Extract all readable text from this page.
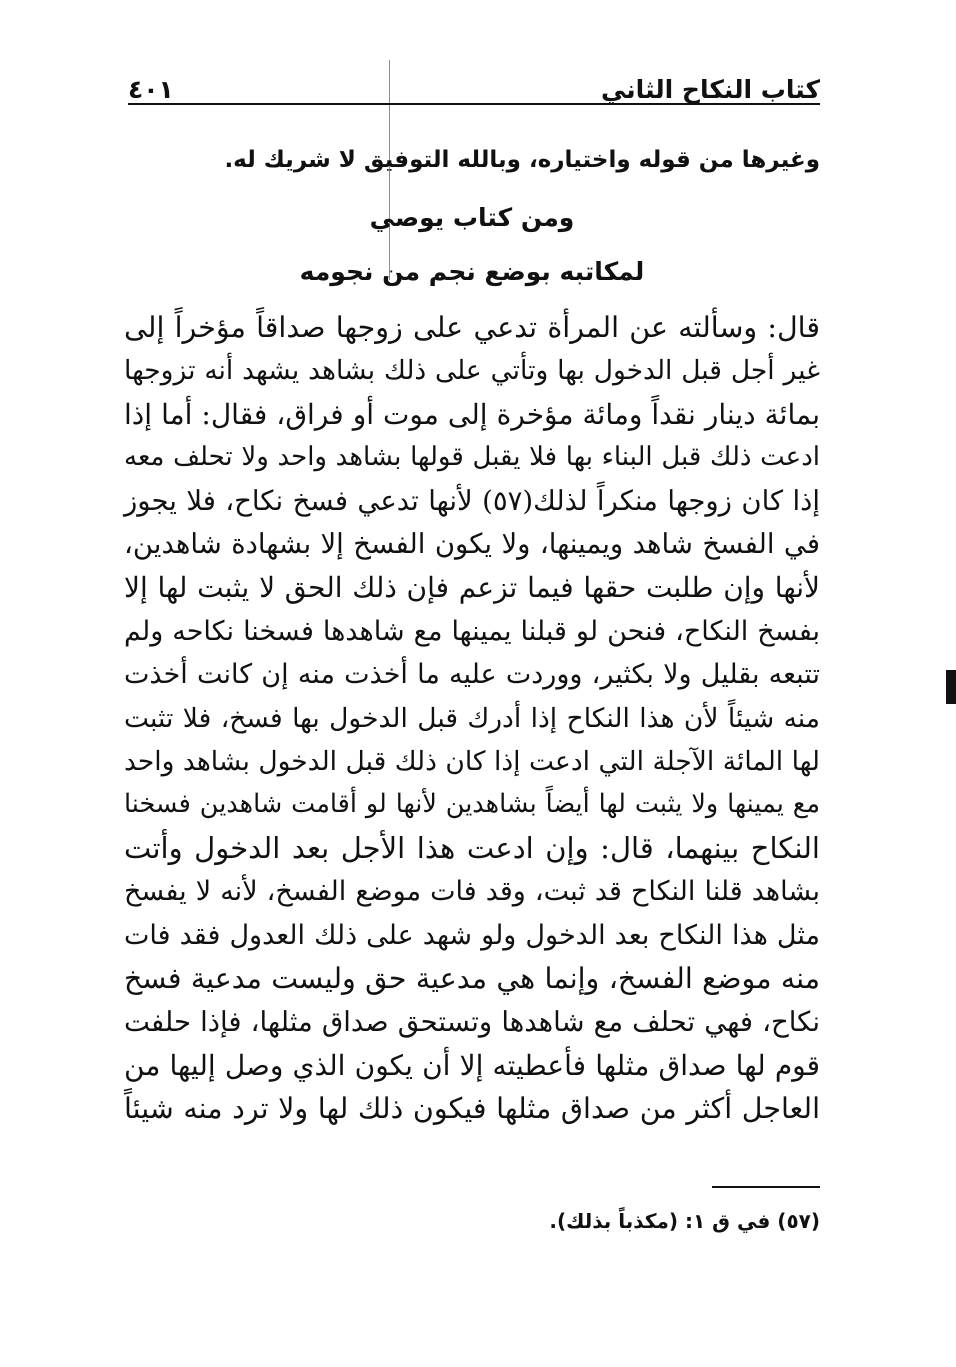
كتاب النكاح الثاني
٤٠١
وغيرها من قوله واختياره، وبالله التوفيق لا شريك له.
ومن كتاب يوصي
لمكاتبه بوضع نجم من نجومه
قال: وسألته عن المرأة تدعي على زوجها صداقاً مؤخراً إلى
غير أجل قبل الدخول بها وتأتي على ذلك بشاهد يشهد أنه تزوجها
بمائة دينار نقداً ومائة مؤخرة إلى موت أو فراق، فقال: أما إذا
ادعت ذلك قبل البناء بها فلا يقبل قولها بشاهد واحد ولا تحلف معه
إذا كان زوجها منكراً لذلك(٥٧) لأنها تدعي فسخ نكاح، فلا يجوز
في الفسخ شاهد ويمينها، ولا يكون الفسخ إلا بشهادة شاهدين،
لأنها وإن طلبت حقها فيما تزعم فإن ذلك الحق لا يثبت لها إلا
بفسخ النكاح، فنحن لو قبلنا يمينها مع شاهدها فسخنا نكاحه ولم
تتبعه بقليل ولا بكثير، ووردت عليه ما أخذت منه إن كانت أخذت
منه شيئاً لأن هذا النكاح إذا أدرك قبل الدخول بها فسخ، فلا تثبت
لها المائة الآجلة التي ادعت إذا كان ذلك قبل الدخول بشاهد واحد
مع يمينها ولا يثبت لها أيضاً بشاهدين لأنها لو أقامت شاهدين فسخنا
النكاح بينهما، قال: وإن ادعت هذا الأجل بعد الدخول وأتت
بشاهد قلنا النكاح قد ثبت، وقد فات موضع الفسخ، لأنه لا يفسخ
مثل هذا النكاح بعد الدخول ولو شهد على ذلك العدول فقد فات
منه موضع الفسخ، وإنما هي مدعية حق وليست مدعية فسخ
نكاح، فهي تحلف مع شاهدها وتستحق صداق مثلها، فإذا حلفت
قوم لها صداق مثلها فأعطيته إلا أن يكون الذي وصل إليها من
العاجل أكثر من صداق مثلها فيكون ذلك لها ولا ترد منه شيئاً
(٥٧) في ق ١: (مكذباً بذلك).
